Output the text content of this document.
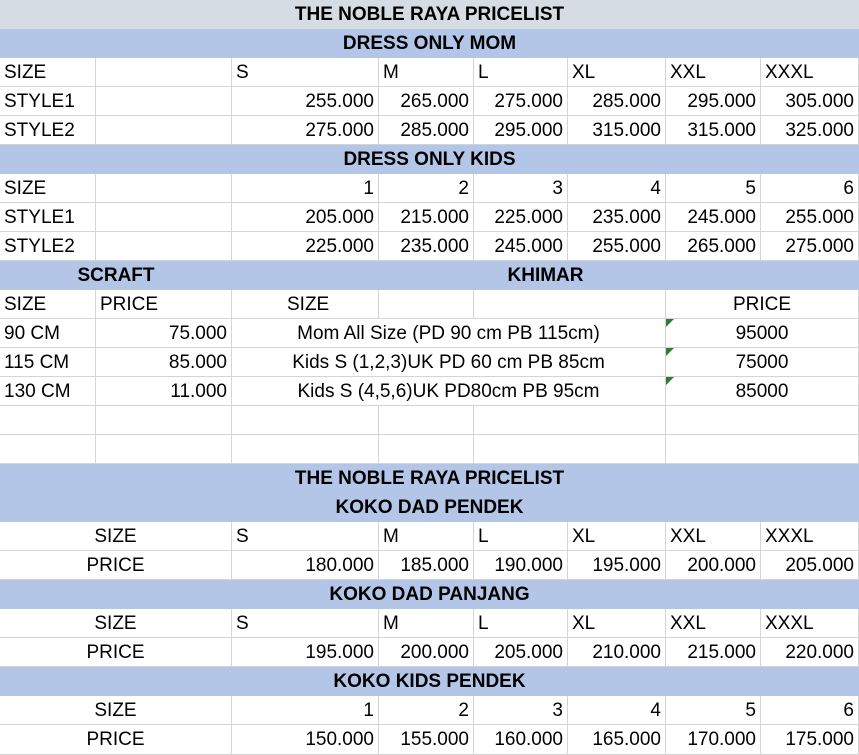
THE NOBLE RAYA PRICELIST
DRESS ONLY MOM
SIZE	S	M	L	XL	XXL	XXXL
STYLE1	255.000	265.000	275.000	285.000	295.000	305.000
STYLE2	275.000	285.000	295.000	315.000	315.000	325.000
DRESS ONLY KIDS
SIZE	1	2	3	4	5	6
STYLE1	205.000	215.000	225.000	235.000	245.000	255.000
STYLE2	225.000	235.000	245.000	255.000	265.000	275.000
SCRAFT	KHIMAR
SIZE	PRICE	SIZE	PRICE
90 CM	75.000	Mom All Size (PD 90 cm PB 115cm)	95000
115 CM	85.000	Kids S (1,2,3)UK PD 60 cm PB 85cm	75000
130 CM	11.000	Kids S (4,5,6)UK PD80cm PB 95cm	85000
THE NOBLE RAYA PRICELIST
KOKO DAD PENDEK
SIZE	S	M	L	XL	XXL	XXXL
PRICE	180.000	185.000	190.000	195.000	200.000	205.000
KOKO DAD PANJANG
SIZE	S	M	L	XL	XXL	XXXL
PRICE	195.000	200.000	205.000	210.000	215.000	220.000
KOKO KIDS PENDEK
SIZE	1	2	3	4	5	6
PRICE	150.000	155.000	160.000	165.000	170.000	175.000
